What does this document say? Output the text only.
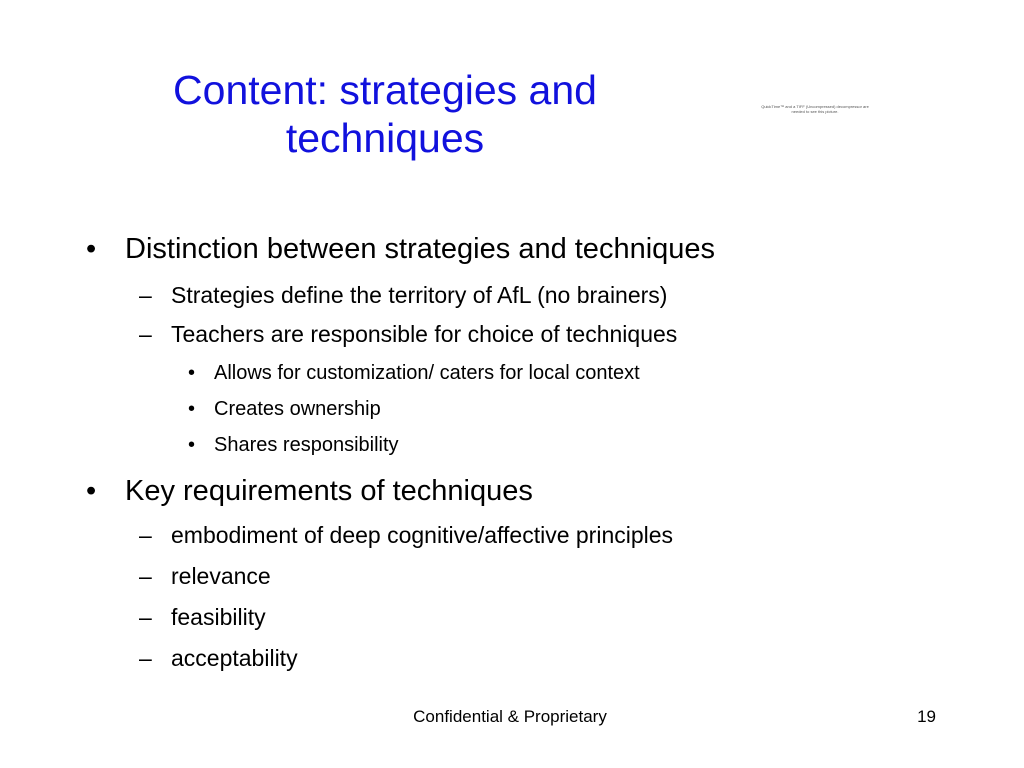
Content: strategies and techniques
QuickTime™ and a TIFF (Uncompressed) decompressor are needed to see this picture.
• Distinction between strategies and techniques
– Strategies define the territory of AfL (no brainers)
– Teachers are responsible for choice of techniques
• Allows for customization/ caters for local context
• Creates ownership
• Shares responsibility
• Key requirements of techniques
– embodiment of deep cognitive/affective principles
– relevance
– feasibility
– acceptability
Confidential & Proprietary	19
